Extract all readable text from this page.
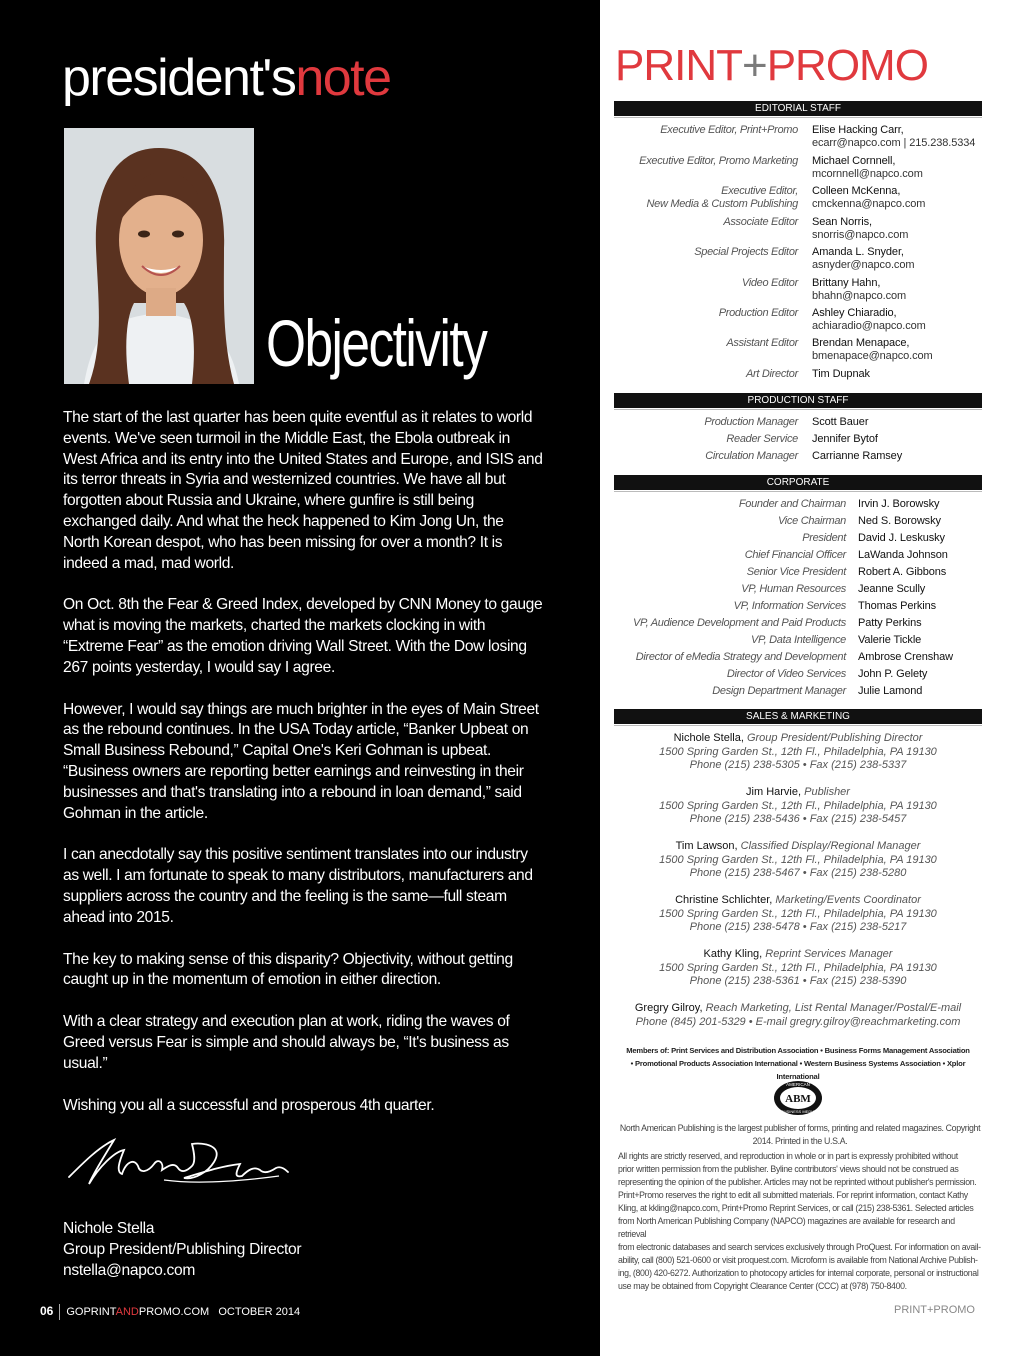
president'snote
Objectivity

The start of the last quarter has been quite eventful as it relates to world events. We've seen turmoil in the Middle East, the Ebola outbreak in West Africa and its entry into the United States and Europe, and ISIS and its terror threats in Syria and westernized countries. We have all but forgotten about Russia and Ukraine, where gunfire is still being exchanged daily. And what the heck happened to Kim Jong Un, the North Korean despot, who has been missing for over a month? It is indeed a mad, mad world.

On Oct. 8th the Fear & Greed Index, developed by CNN Money to gauge what is moving the markets, charted the markets clocking in with “Extreme Fear” as the emotion driving Wall Street. With the Dow losing 267 points yesterday, I would say I agree.

However, I would say things are much brighter in the eyes of Main Street as the rebound continues. In the USA Today article, “Banker Upbeat on Small Business Rebound,” Capital One's Keri Gohman is upbeat. “Business owners are reporting better earnings and reinvesting in their businesses and that's translating into a rebound in loan demand,” said Gohman in the article.

I can anecdotally say this positive sentiment translates into our industry as well. I am fortunate to speak to many distributors, manufacturers and suppliers across the country and the feeling is the same—full steam ahead into 2015.

The key to making sense of this disparity? Objectivity, without getting caught up in the momentum of emotion in either direction.

With a clear strategy and execution plan at work, riding the waves of Greed versus Fear is simple and should always be, “It's business as usual.”

Wishing you all a successful and prosperous 4th quarter.

Nichole Stella
Group President/Publishing Director
nstella@napco.com
06 GOPRINTANDPROMO.COM OCTOBER 2014
PRINT+PROMO
EDITORIAL STAFF
Executive Editor, Print+Promo Elise Hacking Carr,
ecarr@napco.com | 215.238.5334
Executive Editor, Promo Marketing Michael Cornnell,
mcornnell@napco.com
Executive Editor,
New Media & Custom Publishing
Colleen McKenna,
cmckenna@napco.com
Associate Editor Sean Norris,
snorris@napco.com
Special Projects Editor Amanda L. Snyder,
asnyder@napco.com
Video Editor Brittany Hahn,
bhahn@napco.com
Production Editor Ashley Chiaradio,
achiaradio@napco.com
Assistant Editor Brendan Menapace,
bmenapace@napco.com
Art Director Tim Dupnak
PRODUCTION STAFF
Production Manager Scott Bauer
Reader Service Jennifer Bytof
Circulation Manager Carrianne Ramsey
CORPORATE
Founder and Chairman Irvin J. Borowsky
Vice Chairman Ned S. Borowsky
President David J. Leskusky
Chief Financial Officer LaWanda Johnson
Senior Vice President Robert A. Gibbons
VP, Human Resources Jeanne Scully
VP, Information Services Thomas Perkins
VP, Audience Development and Paid Products Patty Perkins
VP, Data Intelligence Valerie Tickle
Director of eMedia Strategy and Development Ambrose Crenshaw
Director of Video Services John P. Gelety
Design Department Manager Julie Lamond
SALES & MARKETING
Nichole Stella, Group President/Publishing Director
1500 Spring Garden St., 12th Fl., Philadelphia, PA 19130
Phone (215) 238-5305 • Fax (215) 238-5337
Jim Harvie, Publisher
1500 Spring Garden St., 12th Fl., Philadelphia, PA 19130
Phone (215) 238-5436 • Fax (215) 238-5457
Tim Lawson, Classified Display/Regional Manager
1500 Spring Garden St., 12th Fl., Philadelphia, PA 19130
Phone (215) 238-5467 • Fax (215) 238-5280
Christine Schlichter, Marketing/Events Coordinator
1500 Spring Garden St., 12th Fl., Philadelphia, PA 19130
Phone (215) 238-5478 • Fax (215) 238-5217
Kathy Kling, Reprint Services Manager
1500 Spring Garden St., 12th Fl., Philadelphia, PA 19130
Phone (215) 238-5361 • Fax (215) 238-5390
Gregry Gilroy, Reach Marketing, List Rental Manager/Postal/E-mail
Phone (845) 201-5329 • E-mail gregry.gilroy@reachmarketing.com
Members of: Print Services and Distribution Association • Business Forms Management Association
• Promotional Products Association International • Western Business Systems Association • Xplor International
ABM
AMERICAN
BUSINESS MEDIA
North American Publishing is the largest publisher of forms, printing and related magazines. Copyright 2014. Printed in the U.S.A.
All rights are strictly reserved, and reproduction in whole or in part is expressly prohibited without
prior written permission from the publisher. Byline contributors' views should not be construed as
representing the opinion of the publisher. Articles may not be reprinted without publisher's permission.
Print+Promo reserves the right to edit all submitted materials. For reprint information, contact Kathy
Kling, at kkling@napco.com, Print+Promo Reprint Services, or call (215) 238-5361. Selected articles
from North American Publishing Company (NAPCO) magazines are available for research and retrieval
from electronic databases and search services exclusively through ProQuest. For information on avail-
ability, call (800) 521-0600 or visit proquest.com. Microform is available from National Archive Publish-
ing, (800) 420-6272. Authorization to photocopy articles for internal corporate, personal or instructional
use may be obtained from Copyright Clearance Center (CCC) at (978) 750-8400.
PRINT+PROMO
